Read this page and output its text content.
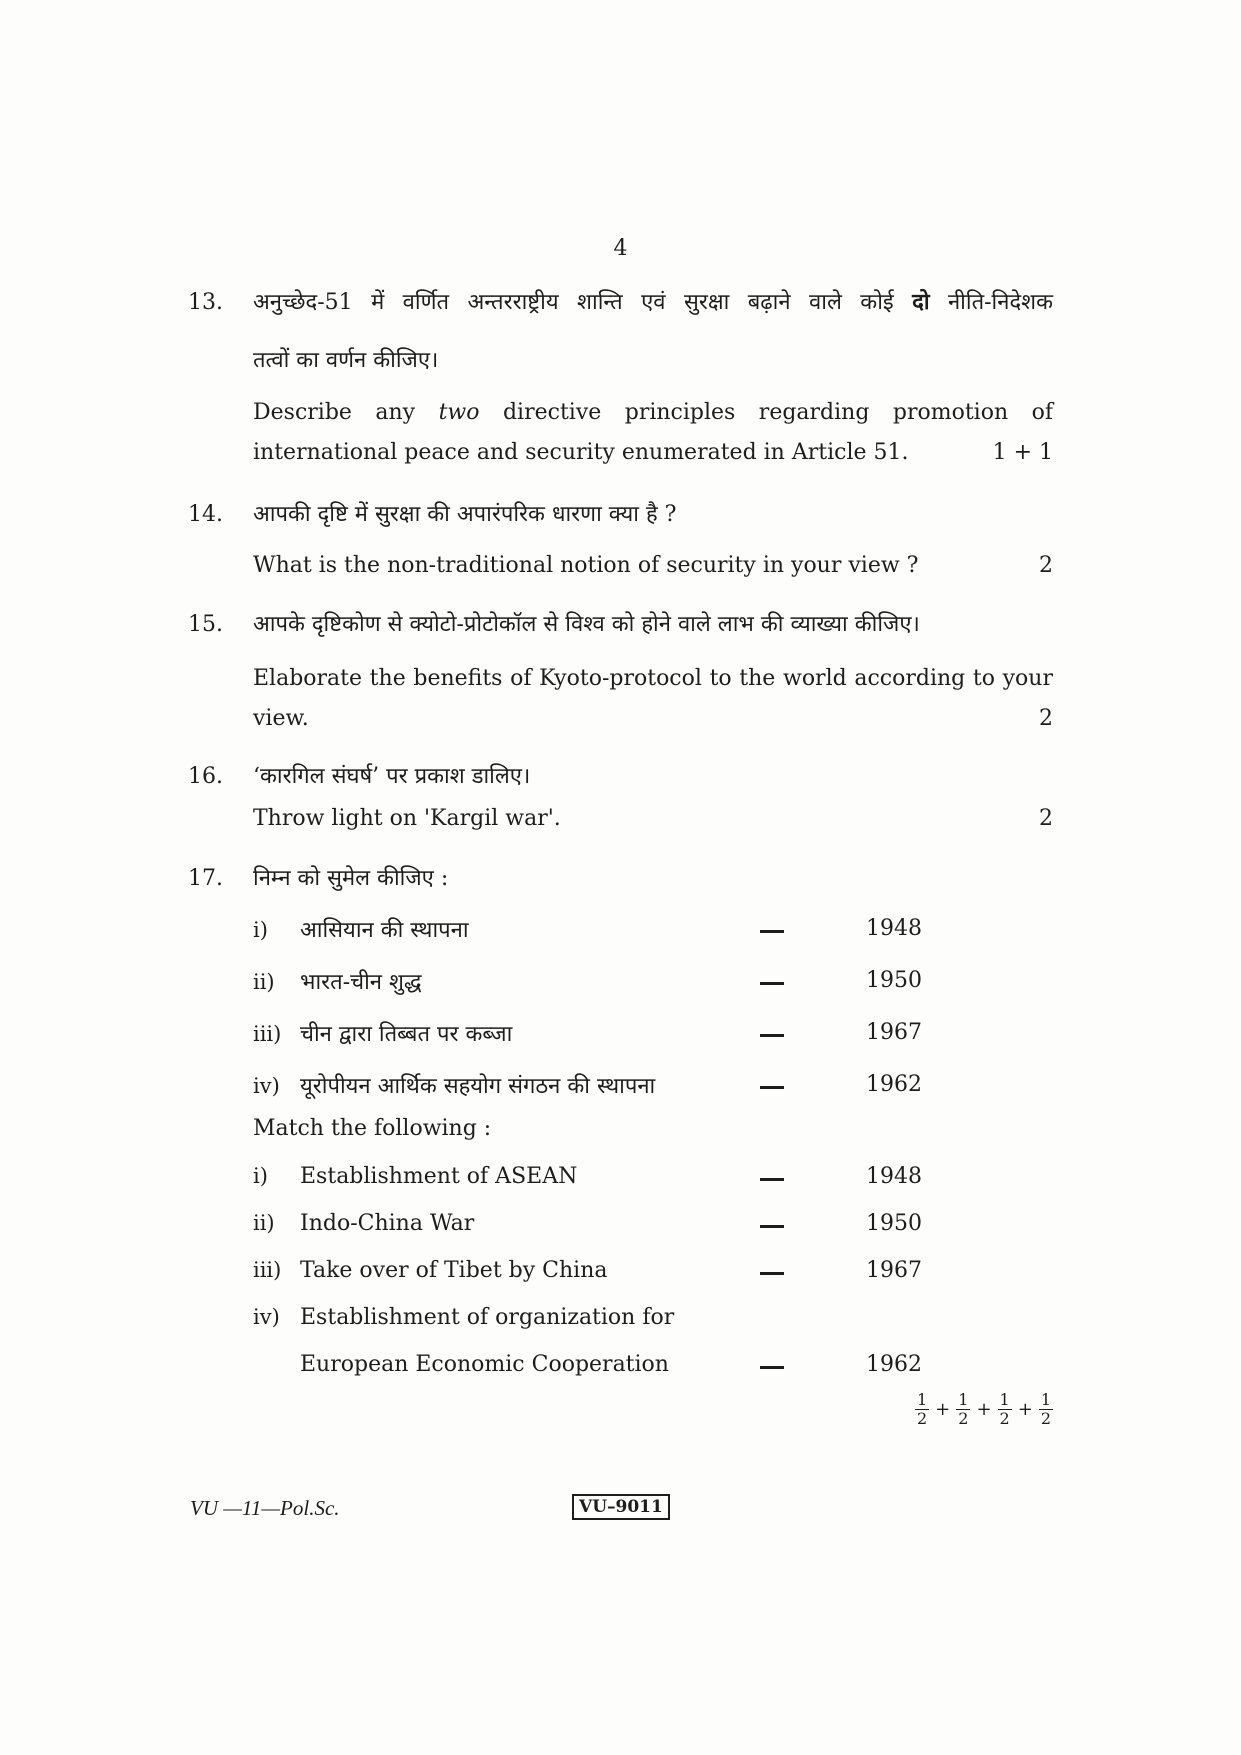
4
13. अनुच्छेद-51 में वर्णित अन्तरराष्ट्रीय शान्ति एवं सुरक्षा बढ़ाने वाले कोई दो नीति-निदेशक
तत्वों का वर्णन कीजिए।
Describe any two directive principles regarding promotion of
international peace and security enumerated in Article 51.	1 + 1
14. आपकी दृष्टि में सुरक्षा की अपारंपरिक धारणा क्या है ?
What is the non-traditional notion of security in your view ?	2
15. आपके दृष्टिकोण से क्योटो-प्रोटोकॉल से विश्व को होने वाले लाभ की व्याख्या कीजिए।
Elaborate the benefits of Kyoto-protocol to the world according to your
view.	2
16. ‘कारगिल संघर्ष’ पर प्रकाश डालिए।
Throw light on 'Kargil war'.	2
17. निम्न को सुमेल कीजिए :
i) आसियान की स्थापना	1948
ii) भारत-चीन शुद्ध	1950
iii) चीन द्वारा तिब्बत पर कब्जा	1967
iv) यूरोपीयन आर्थिक सहयोग संगठन की स्थापना	1962
Match the following :
i) Establishment of ASEAN	1948
ii) Indo-China War	1950
iii) Take over of Tibet by China	1967
iv) Establishment of organization for
European Economic Cooperation	1962
$\frac{1}{2} + \frac{1}{2} + \frac{1}{2} + \frac{1}{2}$
VU —11—Pol.Sc.	VU–9011
